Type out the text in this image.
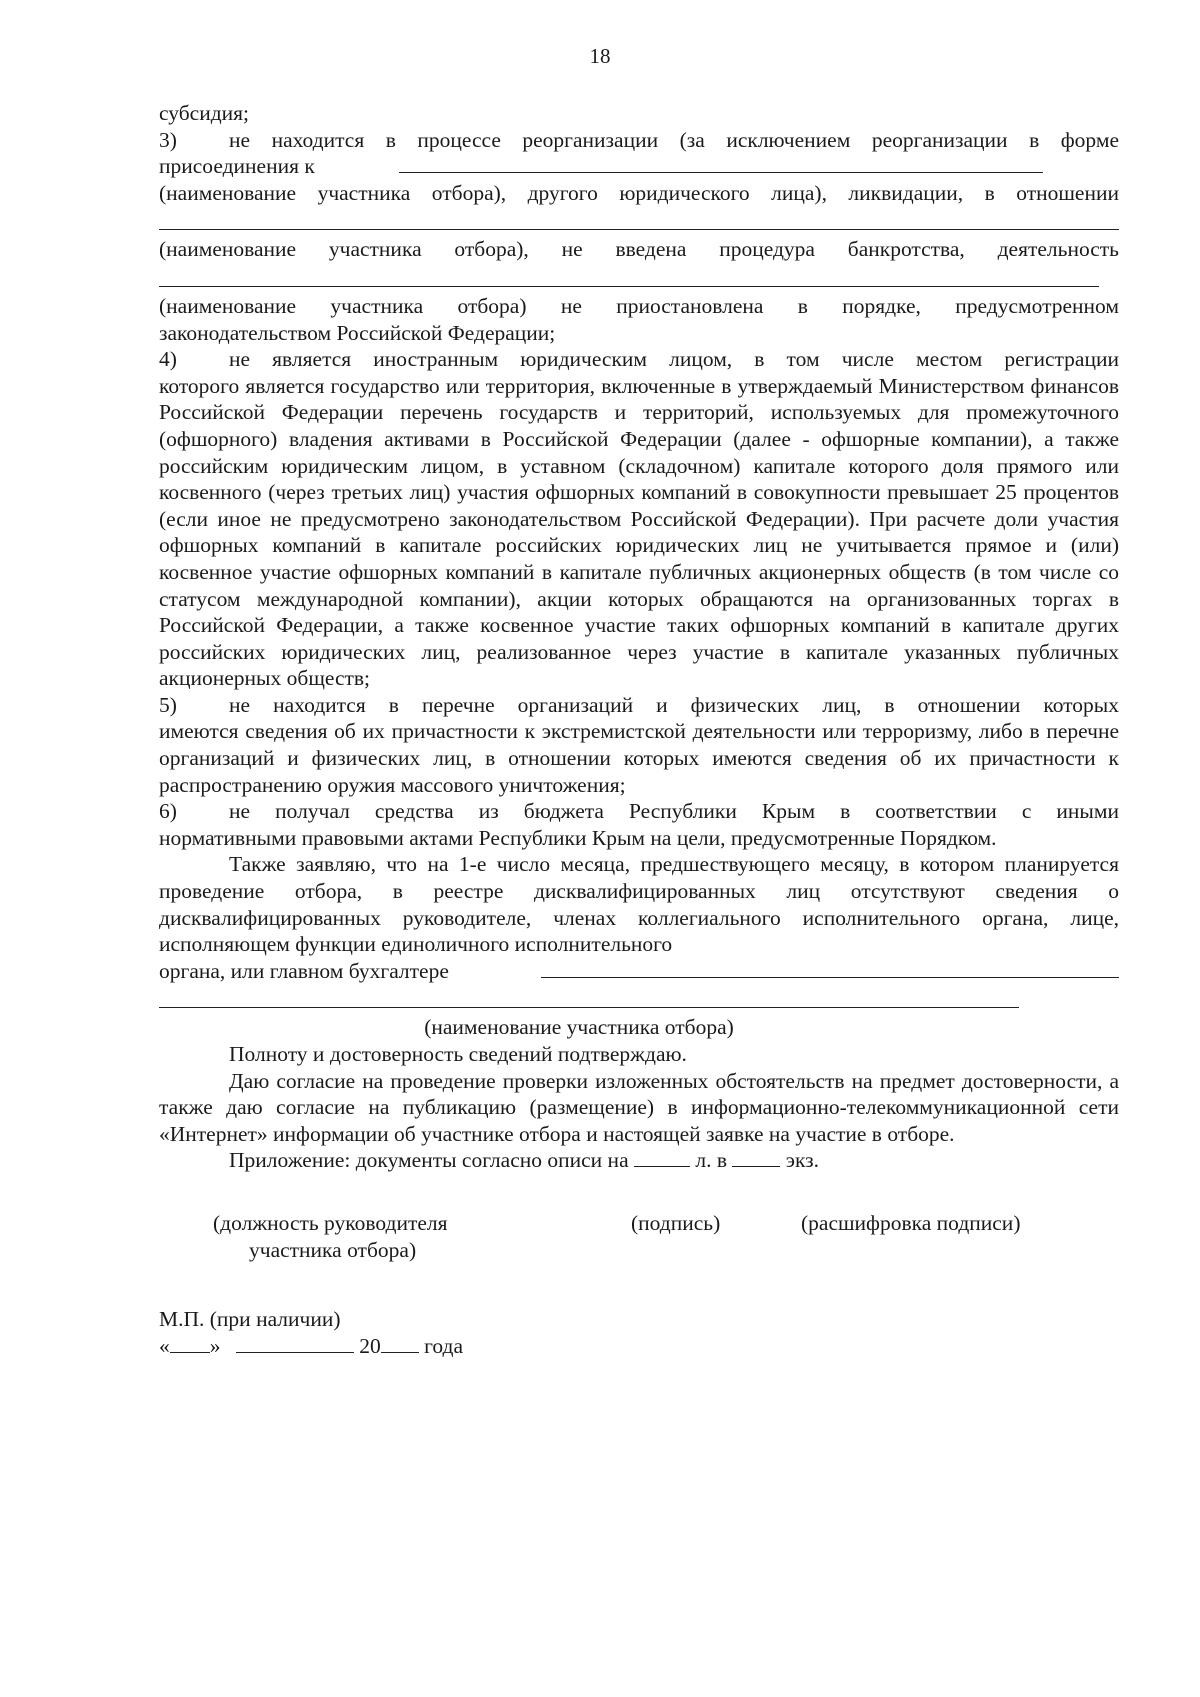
18

субсидия;

3)	не находится в процессе реорганизации (за исключением реорганизации в форме
присоединения к

(наименование участника отбора), другого юридического лица), ликвидации, в отношении

(наименование участника отбора), не введена процедура банкротства, деятельность

(наименование участника отбора) не приостановлена в порядке, предусмотренном

законодательством Российской Федерации;

4)	не является иностранным юридическим лицом, в том числе местом регистрации

которого является государство или территория, включенные в утверждаемый Министерством финансов Российской Федерации перечень государств и территорий, используемых для промежуточного (офшорного) владения активами в Российской Федерации (далее - офшорные компании), а также российским юридическим лицом, в уставном (складочном) капитале которого доля прямого или косвенного (через третьих лиц) участия офшорных компаний в совокупности превышает 25 процентов (если иное не предусмотрено законодательством Российской Федерации). При расчете доли участия офшорных компаний в капитале российских юридических лиц не учитывается прямое и (или) косвенное участие офшорных компаний в капитале публичных акционерных обществ (в том числе со статусом международной компании), акции которых обращаются на организованных торгах в Российской Федерации, а также косвенное участие таких офшорных компаний в капитале других российских юридических лиц, реализованное через участие в капитале указанных публичных акционерных обществ;

5)	не находится в перечне организаций и физических лиц, в отношении которых

имеются сведения об их причастности к экстремистской деятельности или терроризму, либо в перечне организаций и физических лиц, в отношении которых имеются сведения об их причастности к распространению оружия массового уничтожения;

6)	не получал средства из бюджета Республики Крым в соответствии с иными

нормативными правовыми актами Республики Крым на цели, предусмотренные Порядком.

Также заявляю, что на 1-е число месяца, предшествующего месяцу, в котором планируется проведение отбора, в реестре дисквалифицированных лиц отсутствуют сведения о дисквалифицированных руководителе, членах коллегиального исполнительного органа, лице, исполняющем функции единоличного исполнительного

органа, или главном бухгалтере

(наименование участника отбора)

Полноту и достоверность сведений подтверждаю.

Даю согласие на проведение проверки изложенных обстоятельств на предмет достоверности, а также даю согласие на публикацию (размещение) в информационно-телекоммуникационной сети «Интернет» информации об участнике отбора и настоящей заявке на участие в отборе.

Приложение: документы согласно описи на	л. в	экз.

(должность руководителя
участника отбора)
(подпись)	(расшифровка подписи)

М.П. (при наличии)

« »	20 года
